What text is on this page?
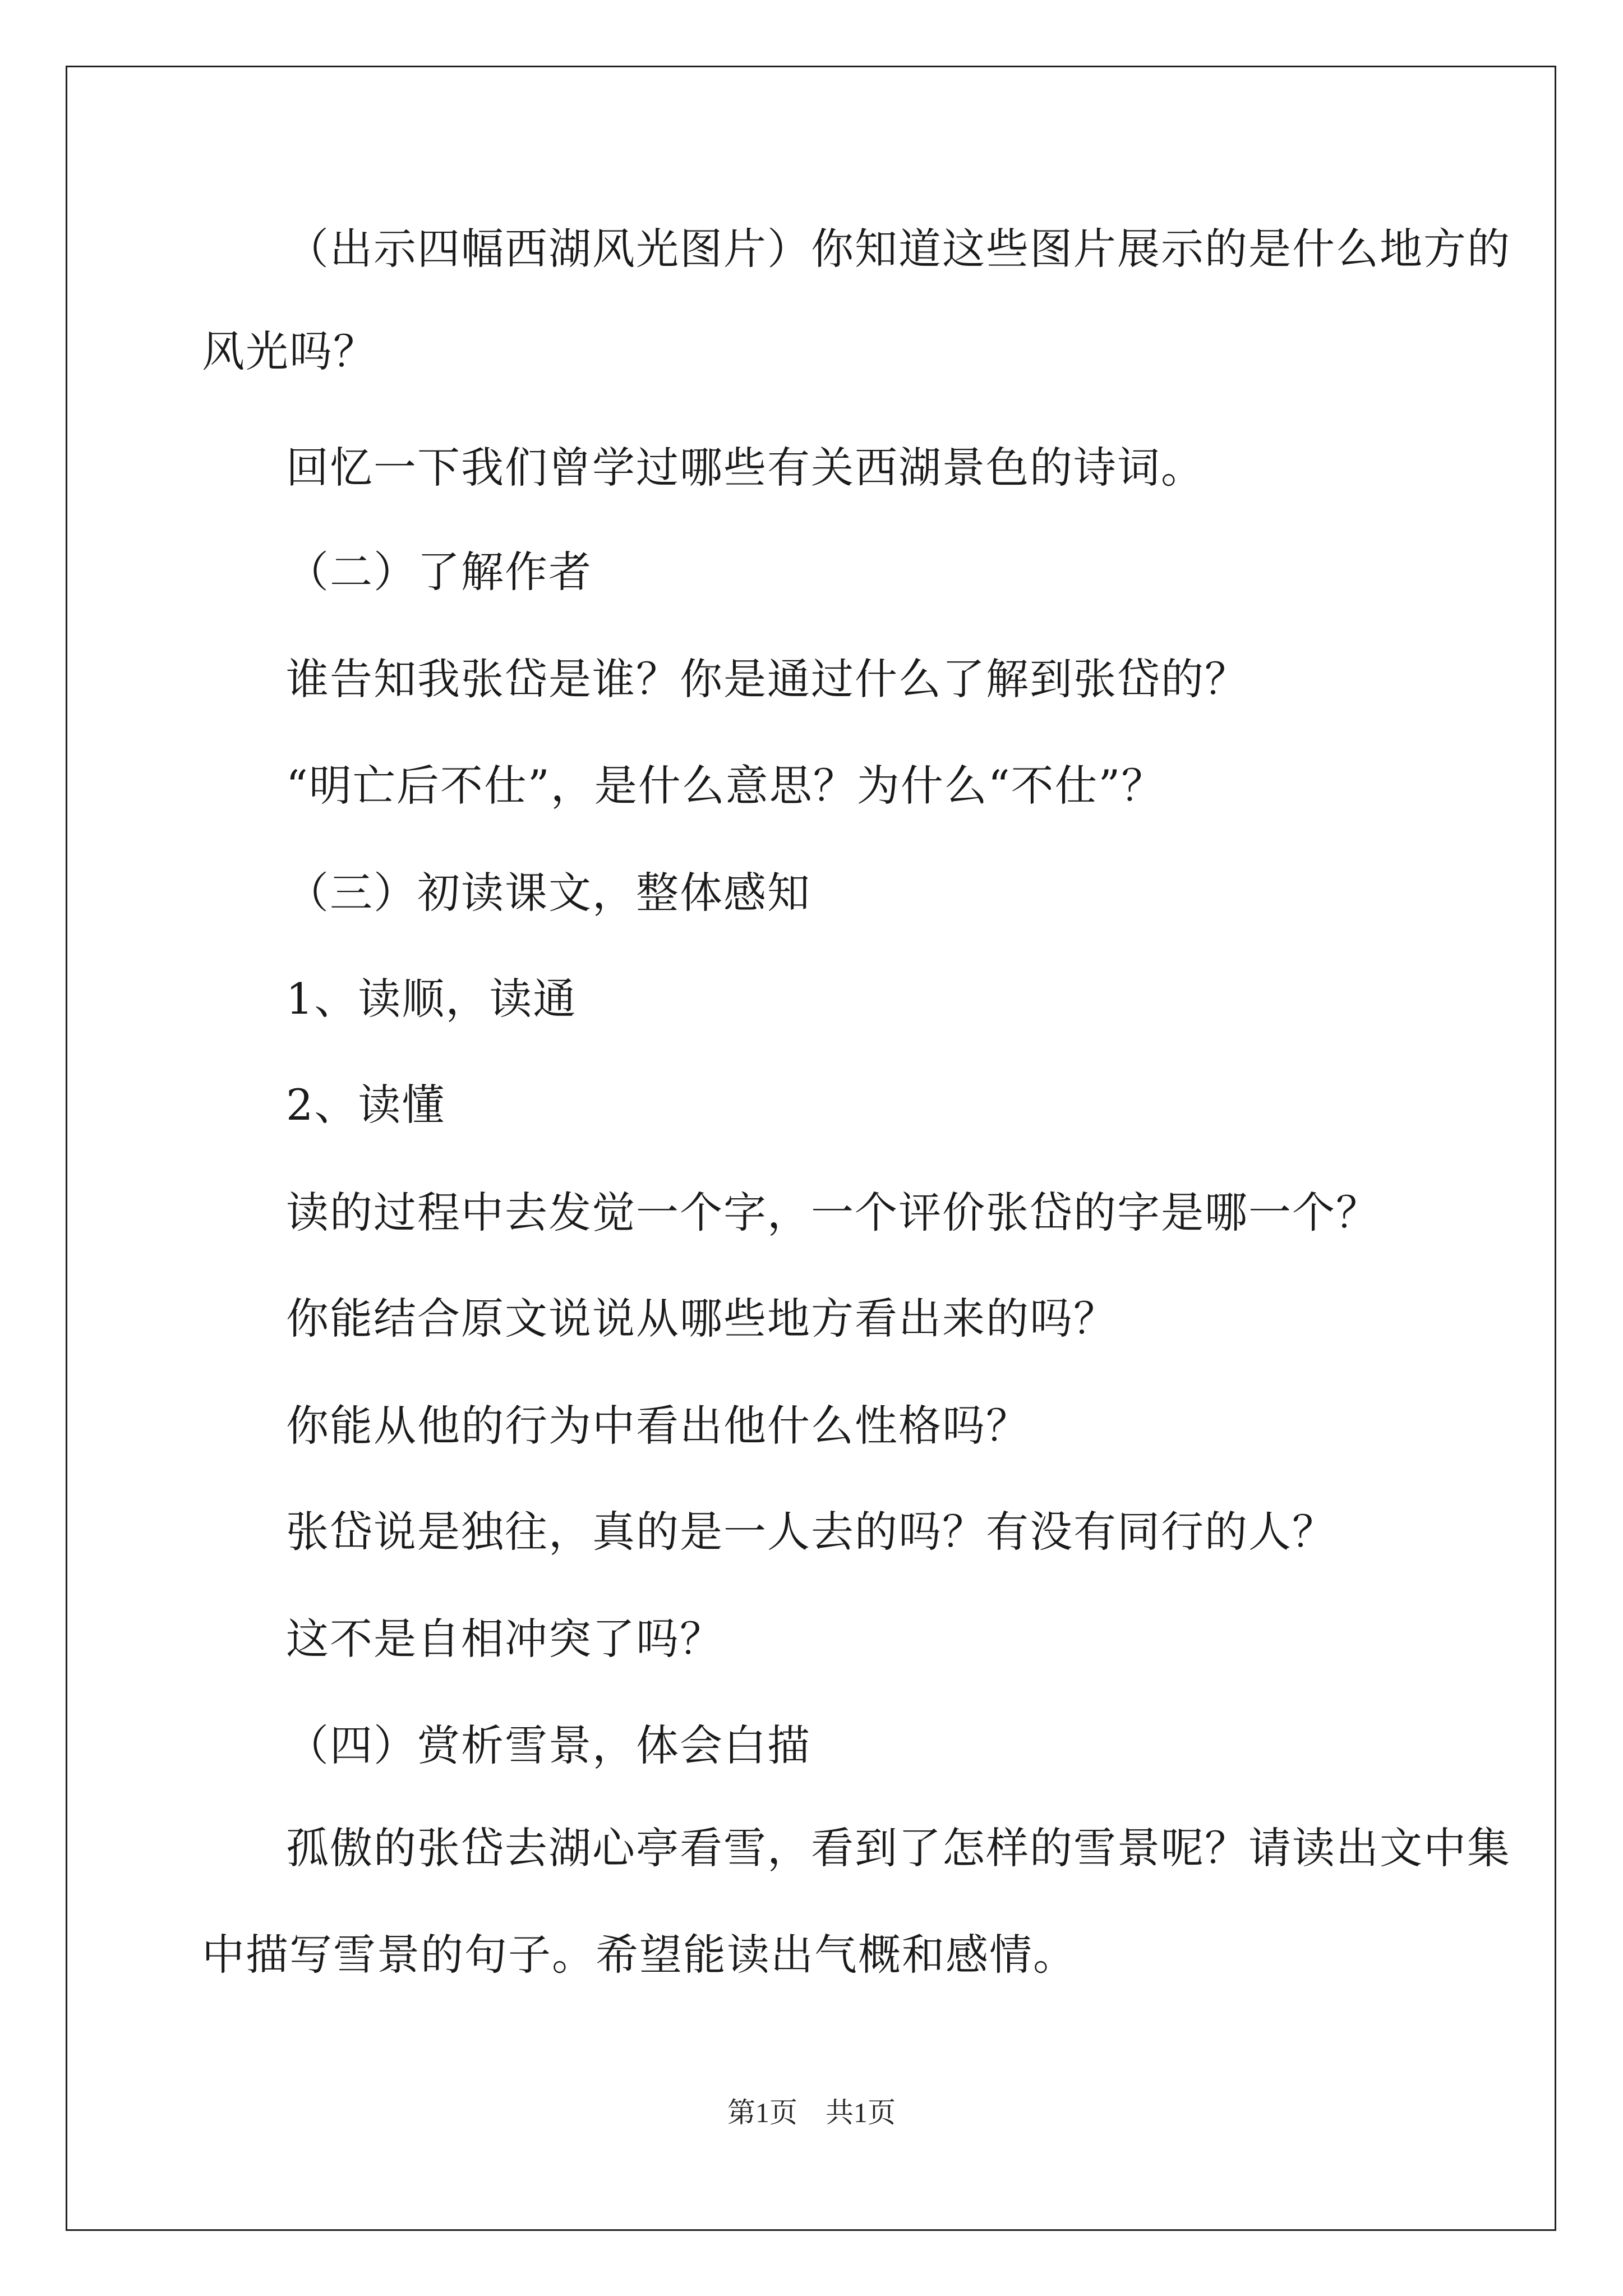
（出示四幅西湖风光图片）你知道这些图片展示的是什么地方的

风光吗？

回忆一下我们曾学过哪些有关西湖景色的诗词。

（二）了解作者

谁告知我张岱是谁？你是通过什么了解到张岱的？

“明亡后不仕”，是什么意思？为什么“不仕”？

（三）初读课文，整体感知

1、读顺，读通

2、读懂

读的过程中去发觉一个字，一个评价张岱的字是哪一个？

你能结合原文说说从哪些地方看出来的吗？

你能从他的行为中看出他什么性格吗？

张岱说是独往，真的是一人去的吗？有没有同行的人？

这不是自相冲突了吗？

（四）赏析雪景，体会白描

孤傲的张岱去湖心亭看雪，看到了怎样的雪景呢？请读出文中集

中描写雪景的句子。希望能读出气概和感情。

第1页　共1页
